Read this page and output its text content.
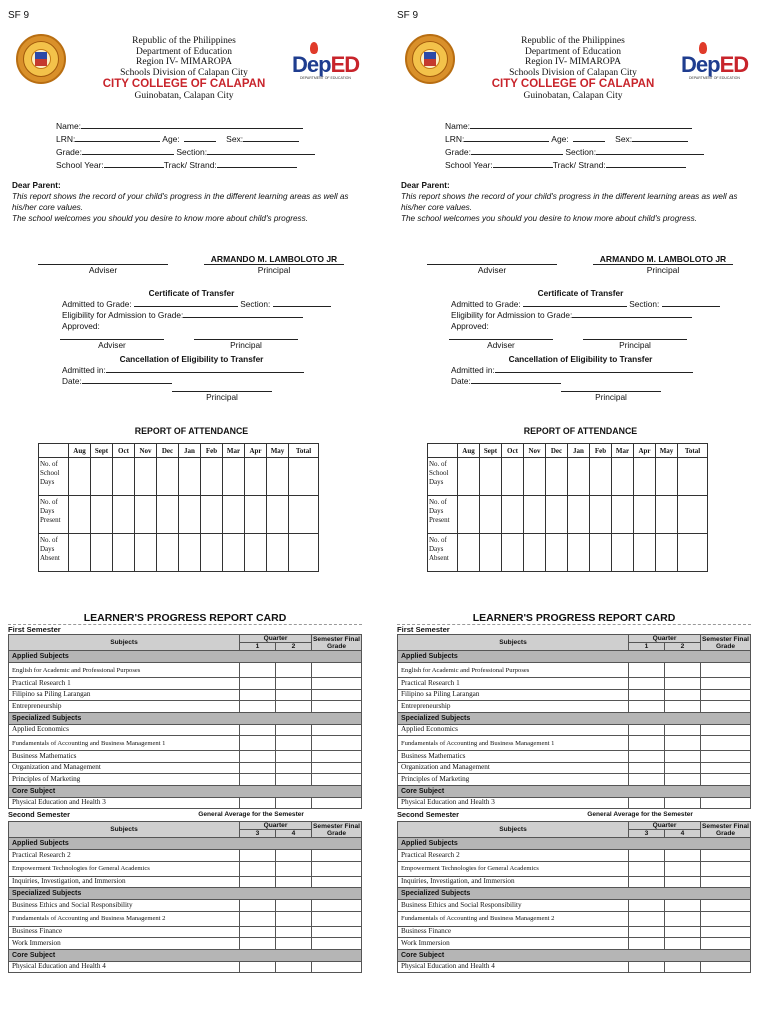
SF 9
Republic of the Philippines
Department of Education
Region IV- MIMAROPA
Schools Division of Calapan City
CITY COLLEGE OF CALAPAN
Guinobatan, Calapan City
DepED
DEPARTMENT OF EDUCATION
Name:
LRN:	Age:	Sex:
Grade:	Section:
School Year:	Track/ Strand:
Dear Parent:
This report shows the record of your child's progress in the different learning areas as well as his/her core values.
The school welcomes you should you desire to know more about child's progress.
Adviser
ARMANDO M. LAMBOLOTO JR
Principal
Certificate of Transfer
Admitted to Grade:	Section:
Eligibility for Admission to Grade:
Approved:
Adviser	Principal
Cancellation of Eligibility to Transfer
Admitted in:
Date:
Principal
REPORT OF ATTENDANCE
	Aug	Sept	Oct	Nov	Dec	Jan	Feb	Mar	Apr	May	Total
No. of School Days											
No. of Days Present											
No. of Days Absent											
LEARNER'S PROGRESS REPORT CARD
First Semester
Subjects	Quarter		Semester Final Grade
	1	2	
Applied Subjects			
English for Academic and Professional Purposes			
Practical Research 1			
Filipino sa Piling Larangan			
Entrepreneurship			
Specialized Subjects			
Applied Economics			
Fundamentals of Accounting and Business Management 1			
Business Mathematics			
Organization and Management			
Principles of Marketing			
Core Subject			
Physical Education and Health 3			
Second Semester	General Average for the Semester
Subjects	Quarter		Semester Final Grade
	3	4	
Applied Subjects			
Practical Research 2			
Empowerment Technologies for General Academics			
Inquiries, Investigation, and Immersion			
Specialized Subjects			
Business Ethics and Social Responsibility			
Fundamentals of Accounting and Business Management 2			
Business Finance			
Work Immersion			
Core Subject			
Physical Education and Health 4			
SF 9
Republic of the Philippines
Department of Education
Region IV- MIMAROPA
Schools Division of Calapan City
CITY COLLEGE OF CALAPAN
Guinobatan, Calapan City
DepED
DEPARTMENT OF EDUCATION
Name:
LRN:	Age:	Sex:
Grade:	Section:
School Year:	Track/ Strand:
Dear Parent:
This report shows the record of your child's progress in the different learning areas as well as his/her core values.
The school welcomes you should you desire to know more about child's progress.
Adviser
ARMANDO M. LAMBOLOTO JR
Principal
Certificate of Transfer
Admitted to Grade:	Section:
Eligibility for Admission to Grade:
Approved:
Adviser	Principal
Cancellation of Eligibility to Transfer
Admitted in:
Date:
Principal
REPORT OF ATTENDANCE
	Aug	Sept	Oct	Nov	Dec	Jan	Feb	Mar	Apr	May	Total
No. of School Days											
No. of Days Present											
No. of Days Absent											
LEARNER'S PROGRESS REPORT CARD
First Semester
Subjects	Quarter		Semester Final Grade
	1	2	
Applied Subjects			
English for Academic and Professional Purposes			
Practical Research 1			
Filipino sa Piling Larangan			
Entrepreneurship			
Specialized Subjects			
Applied Economics			
Fundamentals of Accounting and Business Management 1			
Business Mathematics			
Organization and Management			
Principles of Marketing			
Core Subject			
Physical Education and Health 3			
Second Semester	General Average for the Semester
Subjects	Quarter		Semester Final Grade
	3	4	
Applied Subjects			
Practical Research 2			
Empowerment Technologies for General Academics			
Inquiries, Investigation, and Immersion			
Specialized Subjects			
Business Ethics and Social Responsibility			
Fundamentals of Accounting and Business Management 2			
Business Finance			
Work Immersion			
Core Subject			
Physical Education and Health 4			
